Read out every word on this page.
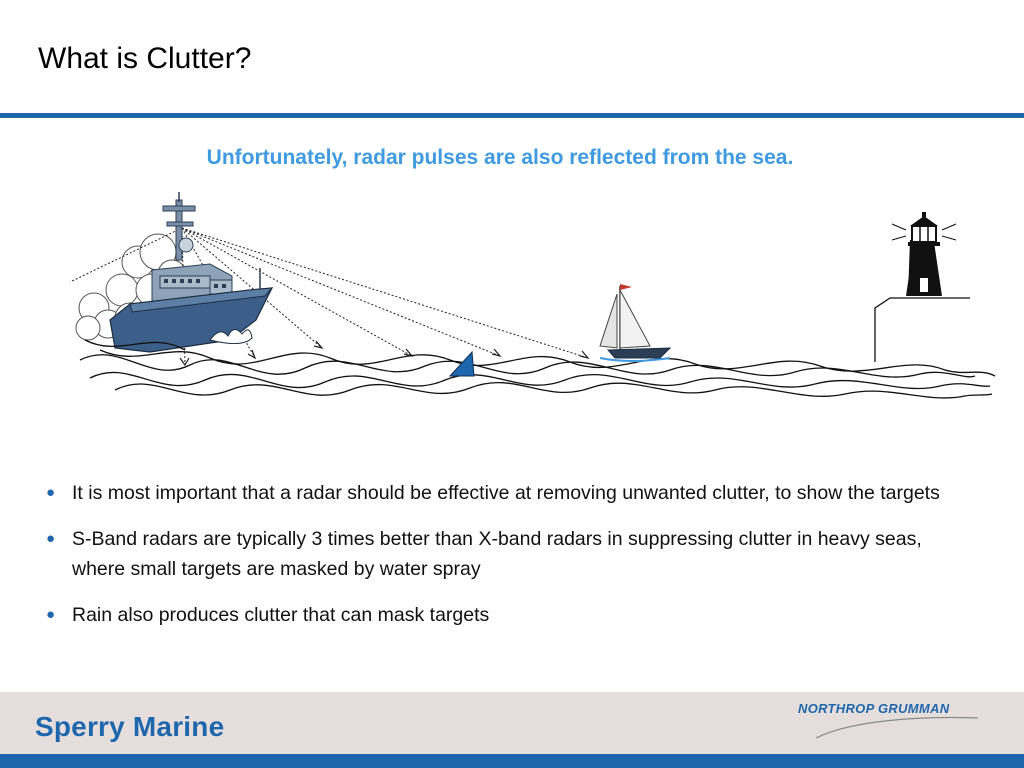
What is Clutter?
Unfortunately, radar pulses are also reflected from the sea.
● It is most important that a radar should be effective at removing unwanted clutter, to show the targets
● S-Band radars are typically 3 times better than X-band radars in suppressing clutter in heavy seas, where small targets are masked by water spray
● Rain also produces clutter that can mask targets
Sperry Marine
NORTHROP GRUMMAN
